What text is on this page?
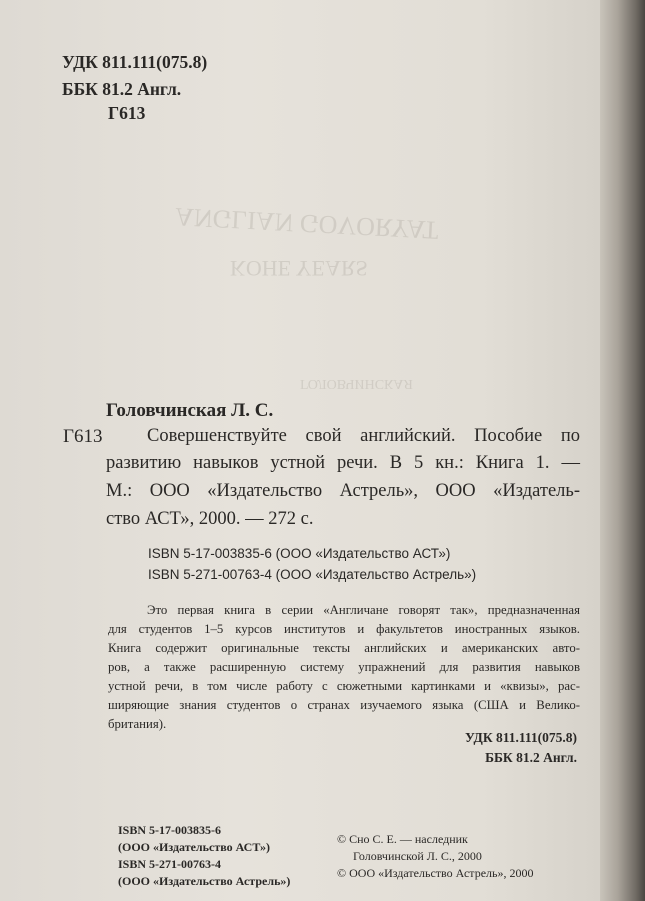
ANGLIAN GOVORYAT
KOHE YEARS
ГОЛОВЧИНСКАЯ
УДК 811.111(075.8)
ББК 81.2 Англ.
Г613
Головчинская Л. С.
Г613 Совершенствуйте свой английский. Пособие по
развитию навыков устной речи. В 5 кн.: Книга 1. —
М.: ООО «Издательство Астрель», ООО «Издатель-
ство АСТ», 2000. — 272 с.
ISBN 5-17-003835-6 (ООО «Издательство АСТ»)
ISBN 5-271-00763-4 (ООО «Издательство Астрель»)
Это первая книга в серии «Англичане говорят так», предназначенная
для студентов 1–5 курсов институтов и факультетов иностранных языков.
Книга содержит оригинальные тексты английских и американских авто-
ров, а также расширенную систему упражнений для развития навыков
устной речи, в том числе работу с сюжетными картинками и «квизы», рас-
ширяющие знания студентов о странах изучаемого языка (США и Велико-
британия).
УДК 811.111(075.8)
ББК 81.2 Англ.
ISBN 5-17-003835-6
(ООО «Издательство АСТ»)
ISBN 5-271-00763-4
(ООО «Издательство Астрель»)
© Сно С. Е. — наследник
Головчинской Л. С., 2000
© ООО «Издательство Астрель», 2000
